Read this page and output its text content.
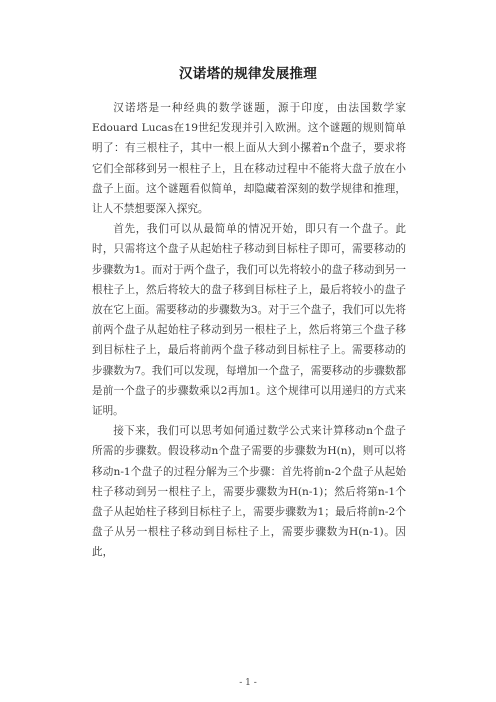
汉诺塔的规律发展推理

汉诺塔是一种经典的数学谜题，源于印度，由法国数学家Edouard Lucas在19世纪发现并引入欧洲。这个谜题的规则简单明了：有三根柱子，其中一根上面从大到小摞着n个盘子，要求将它们全部移到另一根柱子上，且在移动过程中不能将大盘子放在小盘子上面。这个谜题看似简单，却隐藏着深刻的数学规律和推理，让人不禁想要深入探究。

首先，我们可以从最简单的情况开始，即只有一个盘子。此时，只需将这个盘子从起始柱子移动到目标柱子即可，需要移动的步骤数为1。而对于两个盘子，我们可以先将较小的盘子移动到另一根柱子上，然后将较大的盘子移到目标柱子上，最后将较小的盘子放在它上面。需要移动的步骤数为3。对于三个盘子，我们可以先将前两个盘子从起始柱子移动到另一根柱子上，然后将第三个盘子移到目标柱子上，最后将前两个盘子移动到目标柱子上。需要移动的步骤数为7。我们可以发现，每增加一个盘子，需要移动的步骤数都是前一个盘子的步骤数乘以2再加1。这个规律可以用递归的方式来证明。

接下来，我们可以思考如何通过数学公式来计算移动n个盘子所需的步骤数。假设移动n个盘子需要的步骤数为H(n)，则可以将移动n-1个盘子的过程分解为三个步骤：首先将前n-2个盘子从起始柱子移动到另一根柱子上，需要步骤数为H(n-1)；然后将第n-1个盘子从起始柱子移到目标柱子上，需要步骤数为1；最后将前n-2个盘子从另一根柱子移动到目标柱子上，需要步骤数为H(n-1)。因此，

- 1 -
